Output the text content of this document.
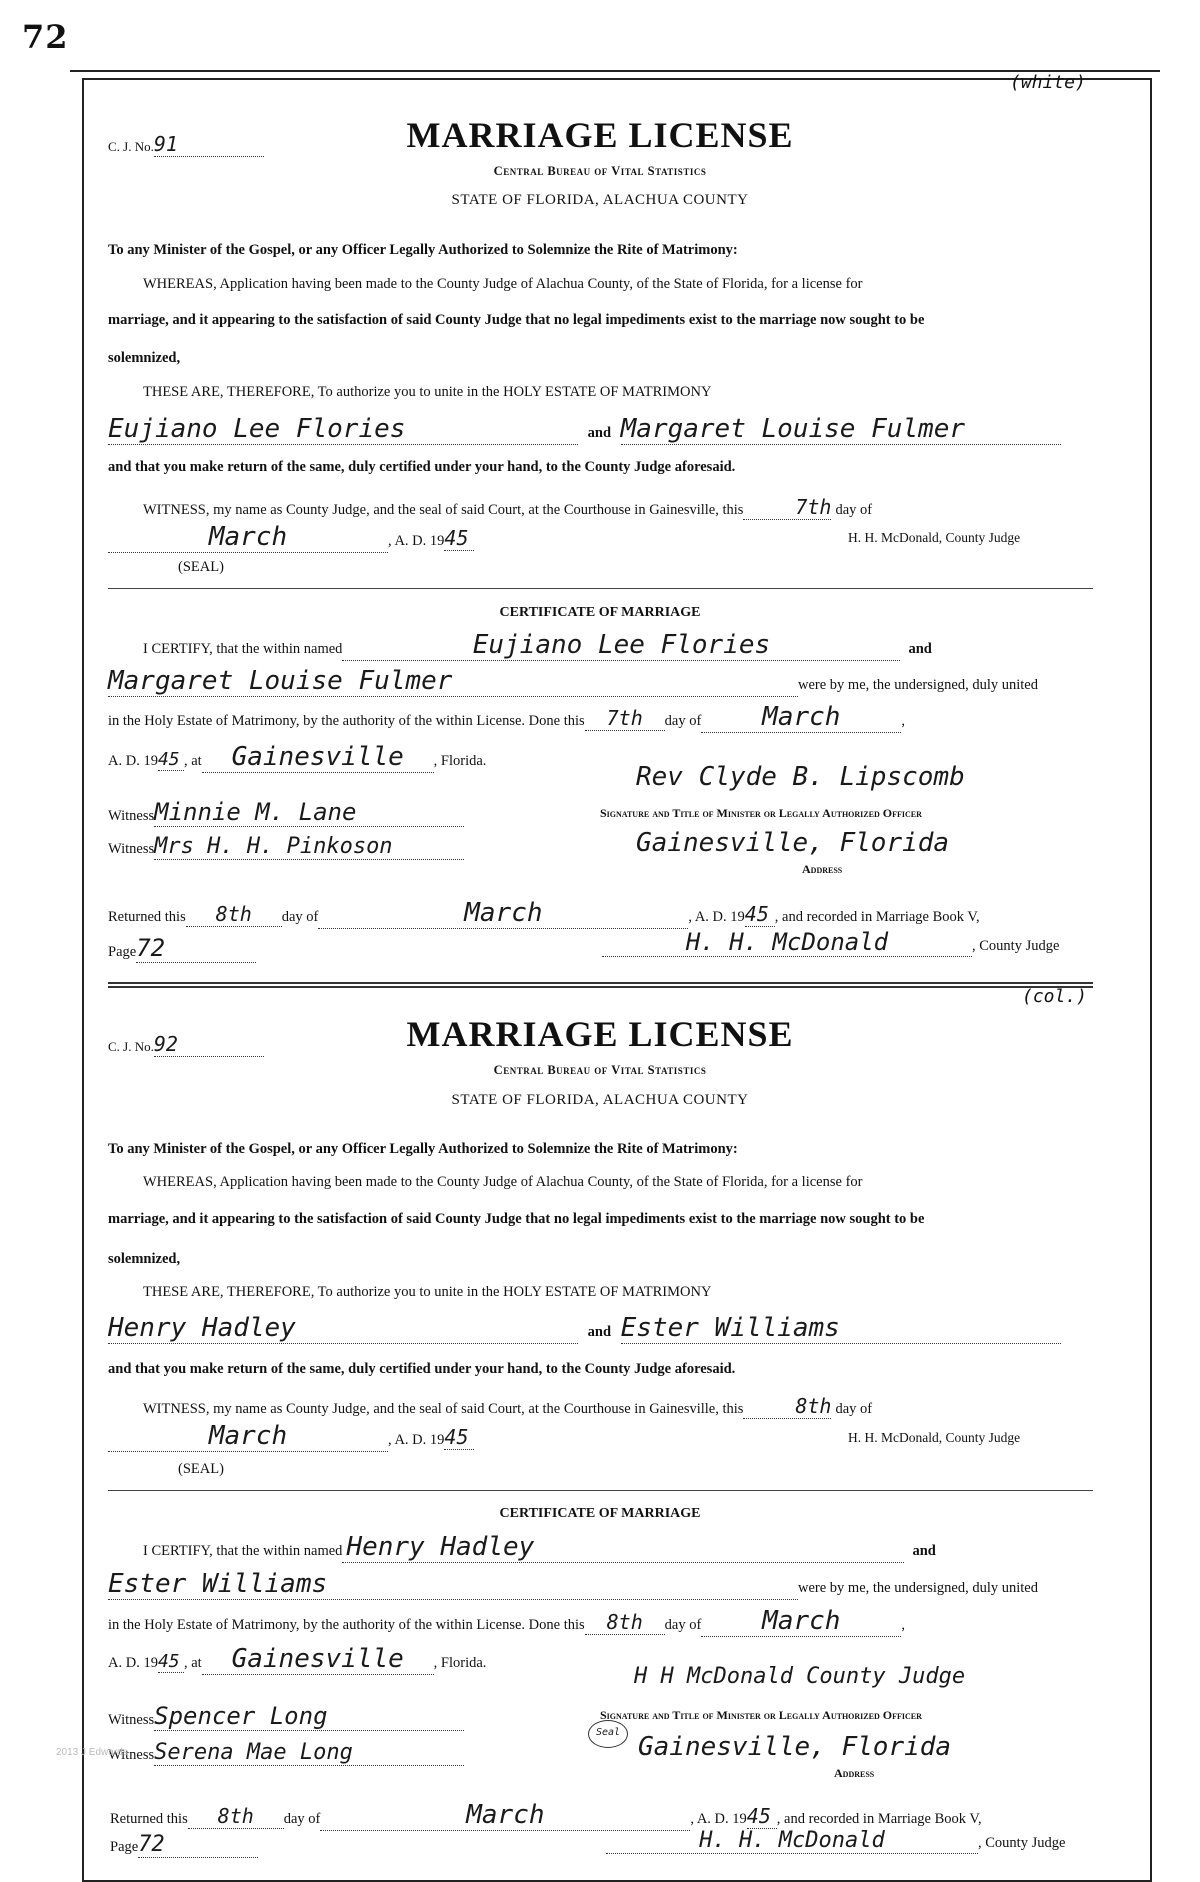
72
(white)
C. J. No.91	MARRIAGE LICENSE
Central Bureau of Vital Statistics
STATE OF FLORIDA, ALACHUA COUNTY
To any Minister of the Gospel, or any Officer Legally Authorized to Solemnize the Rite of Matrimony:
WHEREAS, Application having been made to the County Judge of Alachua County, of the State of Florida, for a license for
marriage, and it appearing to the satisfaction of said County Judge that no legal impediments exist to the marriage now sought to be
solemnized,
THESE ARE, THEREFORE, To authorize you to unite in the HOLY ESTATE OF MATRIMONY
Eujiano Lee Flories	and Margaret Louise Fulmer
and that you make return of the same, duly certified under your hand, to the County Judge aforesaid.
WITNESS, my name as County Judge, and the seal of said Court, at the Courthouse in Gainesville, this	7th day of
March	, A. D. 1945	H. H. McDonald, County Judge
(SEAL)
CERTIFICATE OF MARRIAGE
I CERTIFY, that the within named	Eujiano Lee Flories	and
Margaret Louise Fulmer	were by me, the undersigned, duly united
in the Holy Estate of Matrimony, by the authority of the within License. Done this 7th day of March	,
A. D. 1945 , at Gainesville , Florida.
Rev Clyde B. Lipscomb
WitnessMinnie M. Lane	Signature and Title of Minister or Legally Authorized Officer
WitnessMrs H. H. Pinkoson	Gainesville, Florida
Address
Returned this 8th day of	March	, A. D. 1945 , and recorded in Marriage Book V,
Page72	H. H. McDonald	, County Judge
(col.)
C. J. No.92	MARRIAGE LICENSE
Central Bureau of Vital Statistics
STATE OF FLORIDA, ALACHUA COUNTY
To any Minister of the Gospel, or any Officer Legally Authorized to Solemnize the Rite of Matrimony:
WHEREAS, Application having been made to the County Judge of Alachua County, of the State of Florida, for a license for
marriage, and it appearing to the satisfaction of said County Judge that no legal impediments exist to the marriage now sought to be
solemnized,
THESE ARE, THEREFORE, To authorize you to unite in the HOLY ESTATE OF MATRIMONY
Henry Hadley	and Ester Williams
and that you make return of the same, duly certified under your hand, to the County Judge aforesaid.
WITNESS, my name as County Judge, and the seal of said Court, at the Courthouse in Gainesville, this	8th day of
March	, A. D. 1945	H. H. McDonald, County Judge
(SEAL)
CERTIFICATE OF MARRIAGE
I CERTIFY, that the within named Henry Hadley	and
Ester Williams	were by me, the undersigned, duly united
in the Holy Estate of Matrimony, by the authority of the within License. Done this 8th day of March	,
A. D. 1945 , at Gainesville , Florida.
H H McDonald County Judge
WitnessSpencer Long	Signature and Title of Minister or Legally Authorized Officer
WitnessSerena Mae Long
Seal Gainesville, Florida
Address
Returned this 8th day of	March	, A. D. 1945 , and recorded in Marriage Book V,
Page72	H. H. McDonald	, County Judge
2013 J Edwards
